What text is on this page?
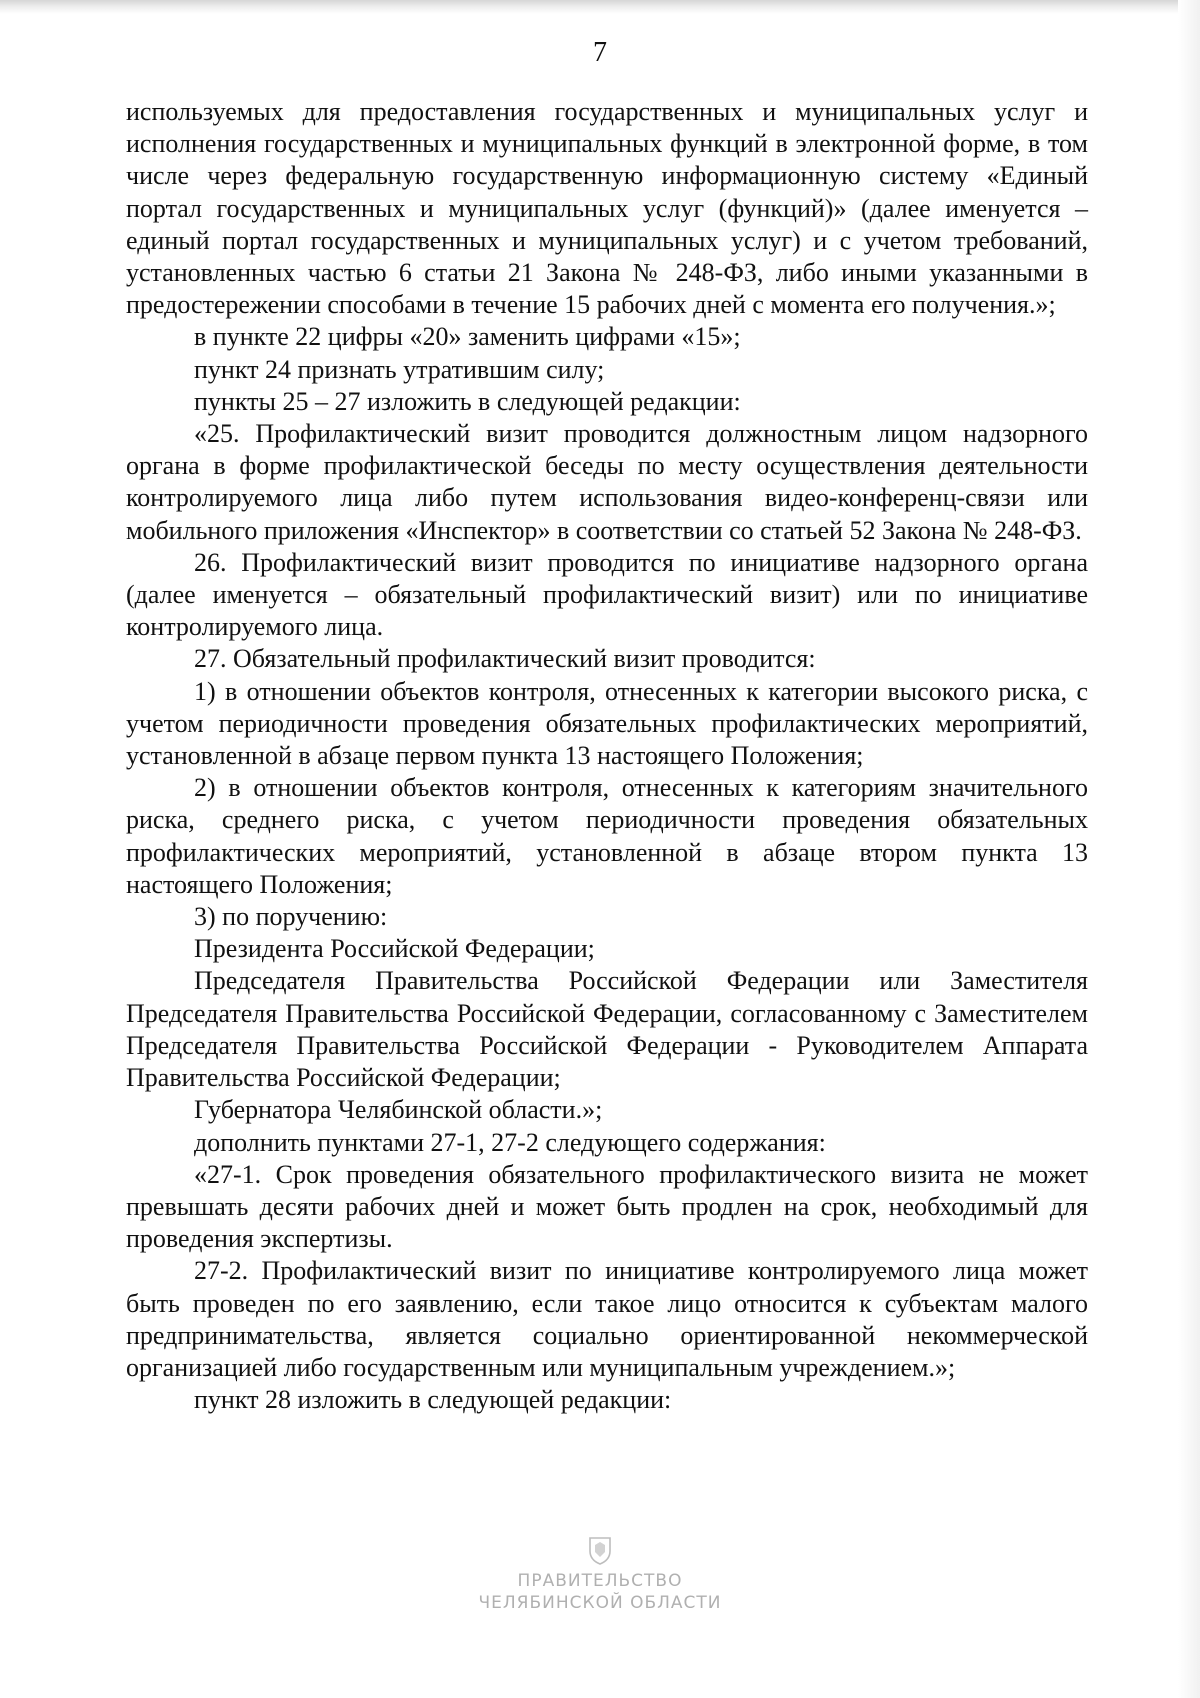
7

используемых для предоставления государственных и муниципальных услуг и исполнения государственных и муниципальных функций в электронной форме, в том числе через федеральную государственную информационную систему «Единый портал государственных и муниципальных услуг (функций)» (далее именуется – единый портал государственных и муниципальных услуг) и с учетом требований, установленных частью 6 статьи 21 Закона № 248-ФЗ, либо иными указанными в предостережении способами в течение 15 рабочих дней с момента его получения.»;

в пункте 22 цифры «20» заменить цифрами «15»;

пункт 24 признать утратившим силу;

пункты 25 – 27 изложить в следующей редакции:

«25. Профилактический визит проводится должностным лицом надзорного органа в форме профилактической беседы по месту осуществления деятельности контролируемого лица либо путем использования видео-конференц-связи или мобильного приложения «Инспектор» в соответствии со статьей 52 Закона № 248-ФЗ.

26. Профилактический визит проводится по инициативе надзорного органа (далее именуется – обязательный профилактический визит) или по инициативе контролируемого лица.

27. Обязательный профилактический визит проводится:

1) в отношении объектов контроля, отнесенных к категории высокого риска, с учетом периодичности проведения обязательных профилактических мероприятий, установленной в абзаце первом пункта 13 настоящего Положения;

2) в отношении объектов контроля, отнесенных к категориям значительного риска, среднего риска, с учетом периодичности проведения обязательных профилактических мероприятий, установленной в абзаце втором пункта 13 настоящего Положения;

3) по поручению:

Президента Российской Федерации;

Председателя Правительства Российской Федерации или Заместителя Председателя Правительства Российской Федерации, согласованному с Заместителем Председателя Правительства Российской Федерации - Руководителем Аппарата Правительства Российской Федерации;

Губернатора Челябинской области.»;

дополнить пунктами 27-1, 27-2 следующего содержания:

«27-1. Срок проведения обязательного профилактического визита не может превышать десяти рабочих дней и может быть продлен на срок, необходимый для проведения экспертизы.

27-2. Профилактический визит по инициативе контролируемого лица может быть проведен по его заявлению, если такое лицо относится к субъектам малого предпринимательства, является социально ориентированной некоммерческой организацией либо государственным или муниципальным учреждением.»;

пункт 28 изложить в следующей редакции:

ПРАВИТЕЛЬСТВО
ЧЕЛЯБИНСКОЙ ОБЛАСТИ
